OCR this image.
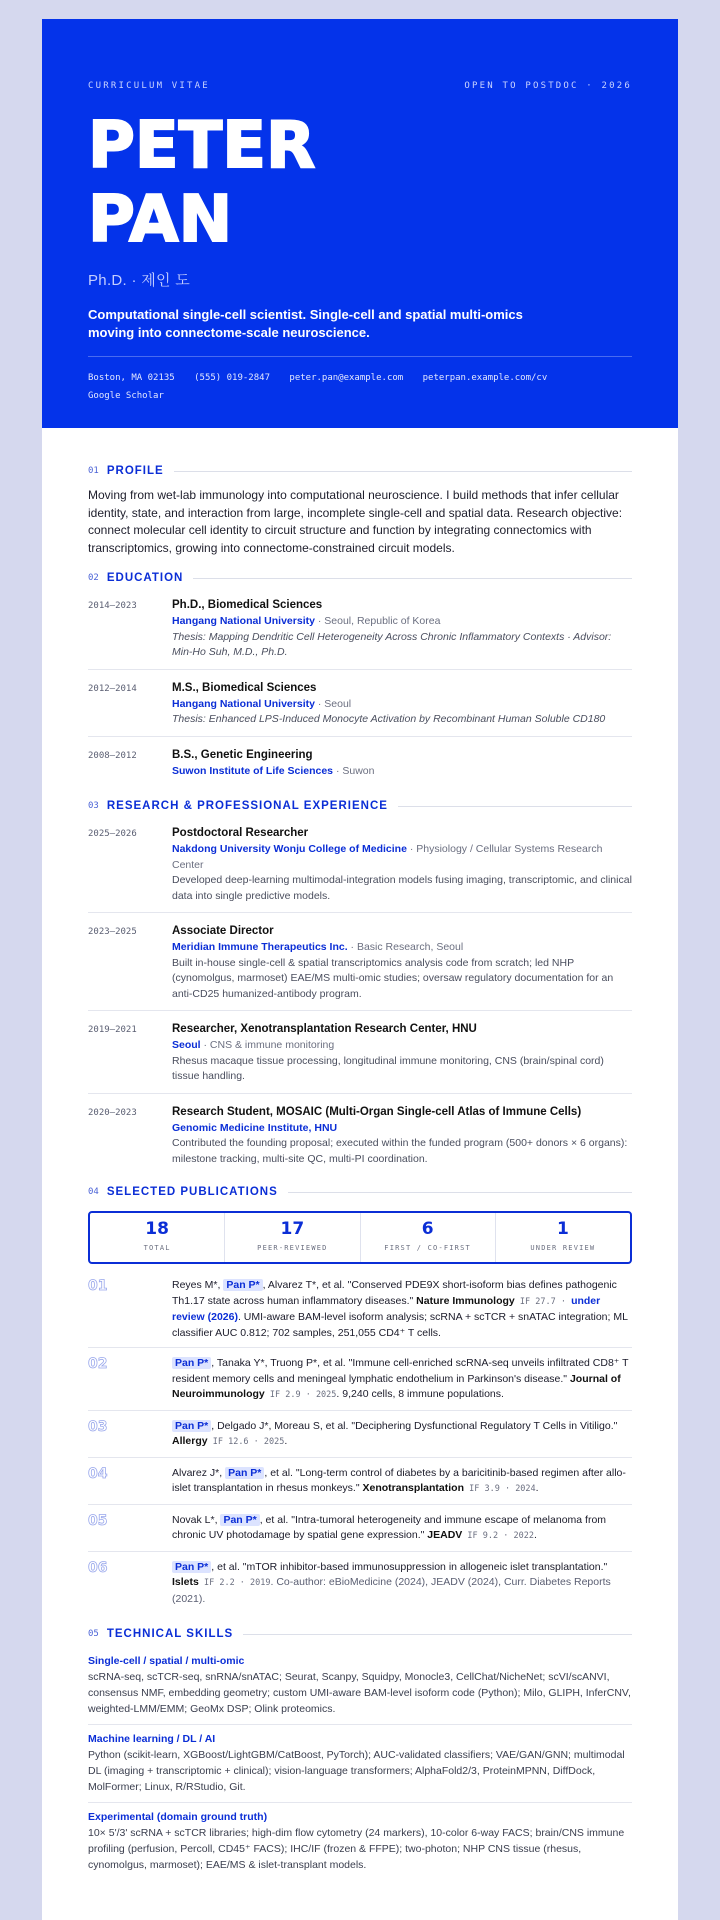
CURRICULUM VITAE	OPEN TO POSTDOC · 2026
PETER
PAN
Ph.D. · 제인 도
Computational single-cell scientist. Single-cell and spatial multi-omics moving into connectome-scale neuroscience.
Boston, MA 02135 (555) 019-2847 peter.pan@example.com peterpan.example.com/cv
Google Scholar
01 PROFILE

Moving from wet-lab immunology into computational neuroscience. I build methods that infer cellular identity, state, and interaction from large, incomplete single-cell and spatial data. Research objective: connect molecular cell identity to circuit structure and function by integrating connectomics with transcriptomics, growing into connectome-constrained circuit models.

02 EDUCATION
2014–2023	Ph.D., Biomedical Sciences
Hangang National University · Seoul, Republic of Korea
Thesis: Mapping Dendritic Cell Heterogeneity Across Chronic Inflammatory Contexts · Advisor: Min-Ho Suh, M.D., Ph.D.
2012–2014	M.S., Biomedical Sciences
Hangang National University · Seoul
Thesis: Enhanced LPS-Induced Monocyte Activation by Recombinant Human Soluble CD180
2008–2012	B.S., Genetic Engineering
Suwon Institute of Life Sciences · Suwon
03 RESEARCH & PROFESSIONAL EXPERIENCE
2025–2026	Postdoctoral Researcher
Nakdong University Wonju College of Medicine · Physiology / Cellular Systems Research Center
Developed deep-learning multimodal-integration models fusing imaging, transcriptomic, and clinical data into single predictive models.
2023–2025	Associate Director
Meridian Immune Therapeutics Inc. · Basic Research, Seoul
Built in-house single-cell & spatial transcriptomics analysis code from scratch; led NHP (cynomolgus, marmoset) EAE/MS multi-omic studies; oversaw regulatory documentation for an anti-CD25 humanized-antibody program.
2019–2021	Researcher, Xenotransplantation Research Center, HNU
Seoul · CNS & immune monitoring
Rhesus macaque tissue processing, longitudinal immune monitoring, CNS (brain/spinal cord) tissue handling.
2020–2023	Research Student, MOSAIC (Multi-Organ Single-cell Atlas of Immune Cells)
Genomic Medicine Institute, HNU
Contributed the founding proposal; executed within the funded program (500+ donors × 6 organs): milestone tracking, multi-site QC, multi-PI coordination.
04 SELECTED PUBLICATIONS
18
TOTAL
17
PEER-REVIEWED
6
FIRST / CO-FIRST
1
UNDER REVIEW
01	Reyes M*, Pan P* , Alvarez T*, et al. "Conserved PDE9X short-isoform bias defines pathogenic Th1.17 state across human inflammatory diseases." Nature Immunology IF 27.7 · under review (2026). UMI-aware BAM-level isoform analysis; scRNA + scTCR + snATAC integration; ML classifier AUC 0.812; 702 samples, 251,055 CD4⁺ T cells.
02	Pan P* , Tanaka Y*, Truong P*, et al. "Immune cell-enriched scRNA-seq unveils infiltrated CD8⁺ T resident memory cells and meningeal lymphatic endothelium in Parkinson's disease." Journal of Neuroimmunology IF 2.9 · 2025. 9,240 cells, 8 immune populations.
03	Pan P* , Delgado J*, Moreau S, et al. "Deciphering Dysfunctional Regulatory T Cells in Vitiligo." Allergy IF 12.6 · 2025.
04	Alvarez J*, Pan P* , et al. "Long-term control of diabetes by a baricitinib-based regimen after allo-islet transplantation in rhesus monkeys." Xenotransplantation IF 3.9 · 2024.
05	Novak L*, Pan P* , et al. "Intra-tumoral heterogeneity and immune escape of melanoma from chronic UV photodamage by spatial gene expression." JEADV IF 9.2 · 2022.
06	Pan P* , et al. "mTOR inhibitor-based immunosuppression in allogeneic islet transplantation." Islets IF 2.2 · 2019. Co-author: eBioMedicine (2024), JEADV (2024), Curr. Diabetes Reports (2021).
05 TECHNICAL SKILLS
Single-cell / spatial / multi-omic
scRNA-seq, scTCR-seq, snRNA/snATAC; Seurat, Scanpy, Squidpy, Monocle3, CellChat/NicheNet; scVI/scANVI, consensus NMF, embedding geometry; custom UMI-aware BAM-level isoform code (Python); Milo, GLIPH, InferCNV, weighted-LMM/EMM; GeoMx DSP; Olink proteomics.
Machine learning / DL / AI
Python (scikit-learn, XGBoost/LightGBM/CatBoost, PyTorch); AUC-validated classifiers; VAE/GAN/GNN; multimodal DL (imaging + transcriptomic + clinical); vision-language transformers; AlphaFold2/3, ProteinMPNN, DiffDock, MolFormer; Linux, R/RStudio, Git.
Experimental (domain ground truth)
10× 5'/3' scRNA + scTCR libraries; high-dim flow cytometry (24 markers), 10-color 6-way FACS; brain/CNS immune profiling (perfusion, Percoll, CD45⁺ FACS); IHC/IF (frozen & FFPE); two-photon; NHP CNS tissue (rhesus, cynomolgus, marmoset); EAE/MS & islet-transplant models.
